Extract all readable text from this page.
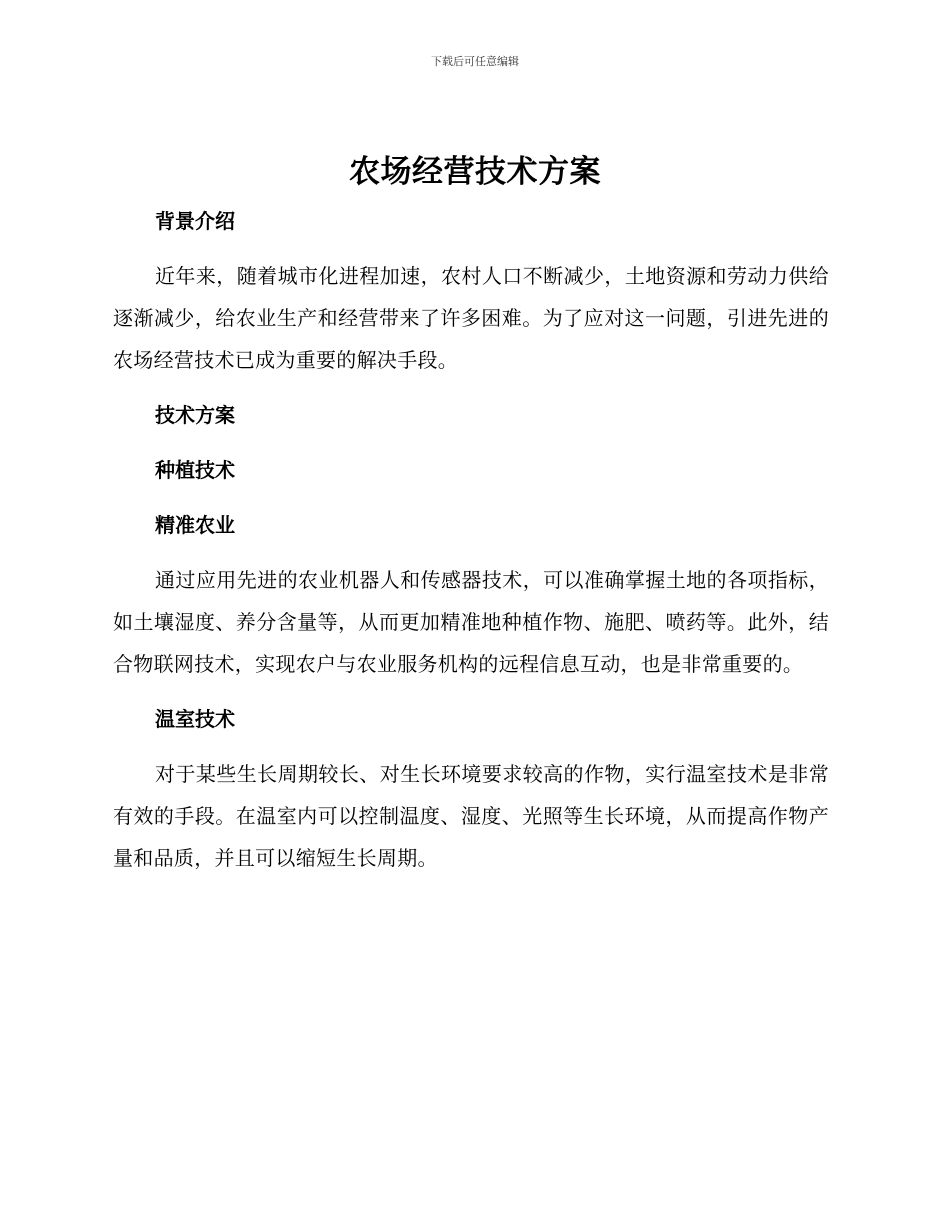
下载后可任意编辑
农场经营技术方案
背景介绍
近年来，随着城市化进程加速，农村人口不断减少，土地资源和劳动力供给逐渐减少，给农业生产和经营带来了许多困难。为了应对这一问题，引进先进的农场经营技术已成为重要的解决手段。
技术方案
种植技术
精准农业
通过应用先进的农业机器人和传感器技术，可以准确掌握土地的各项指标，如土壤湿度、养分含量等，从而更加精准地种植作物、施肥、喷药等。此外，结合物联网技术，实现农户与农业服务机构的远程信息互动，也是非常重要的。
温室技术
对于某些生长周期较长、对生长环境要求较高的作物，实行温室技术是非常有效的手段。在温室内可以控制温度、湿度、光照等生长环境，从而提高作物产量和品质，并且可以缩短生长周期。
